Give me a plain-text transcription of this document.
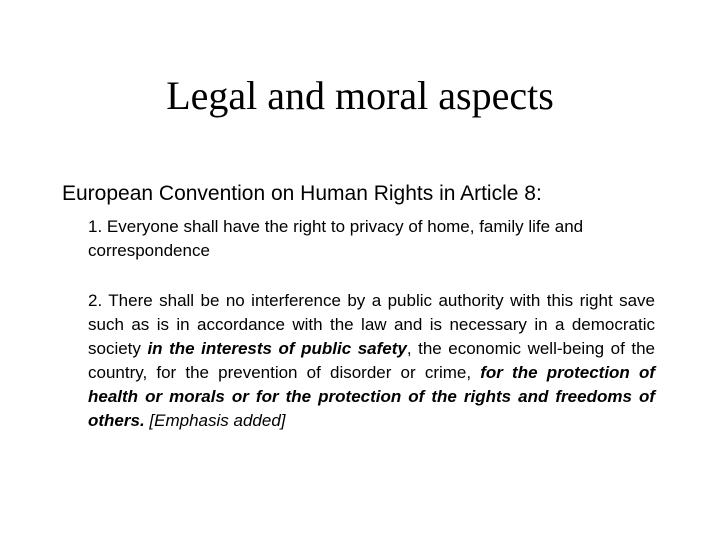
Legal and moral aspects

European Convention on Human Rights in Article 8:

1. Everyone shall have the right to privacy of home, family life and correspondence

2. There shall be no interference by a public authority with this right save such as is in accordance with the law and is necessary in a democratic society in the interests of public safety, the economic well-being of the country, for the prevention of disorder or crime, for the protection of health or morals or for the protection of the rights and freedoms of others. [Emphasis added]
